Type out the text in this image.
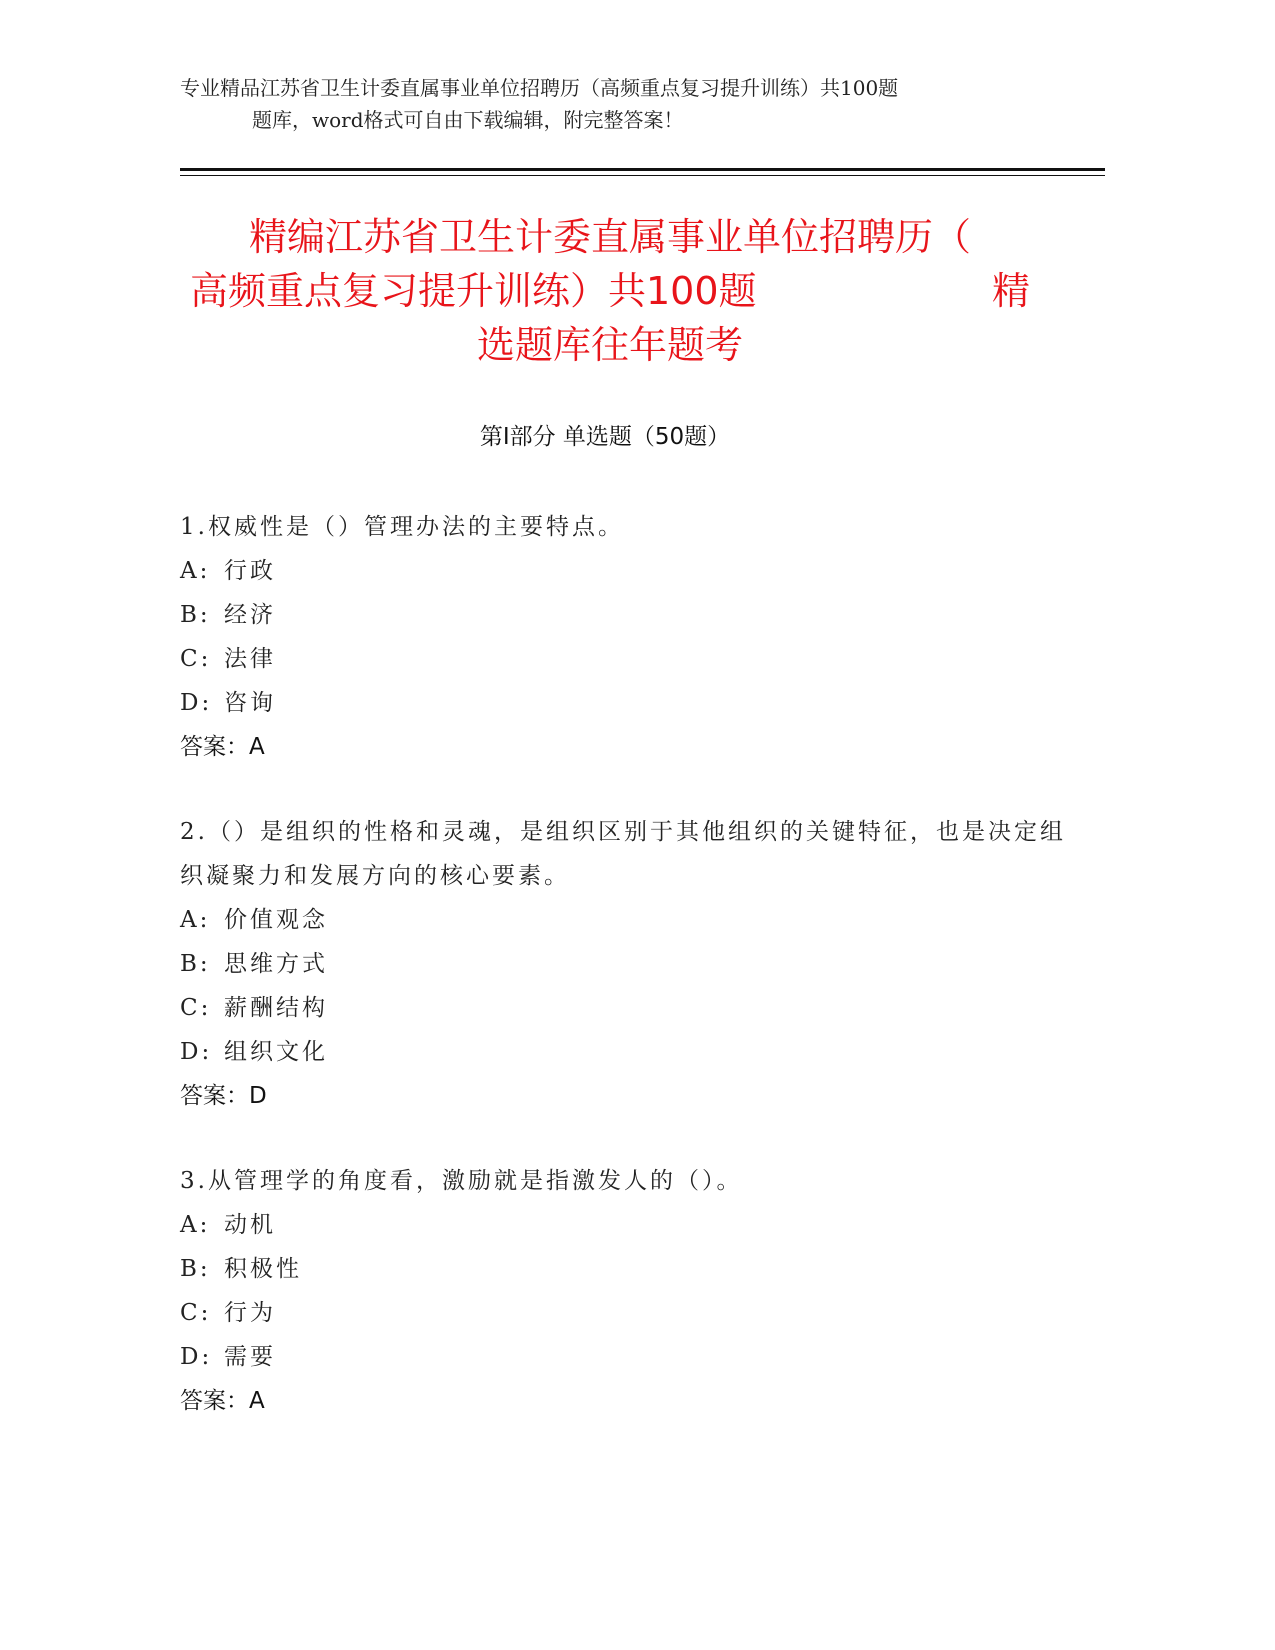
专业精品江苏省卫生计委直属事业单位招聘历（高频重点复习提升训练）共100题
题库，word格式可自由下载编辑，附完整答案！
精编江苏省卫生计委直属事业单位招聘历（
高频重点复习提升训练）共100题	精
选题库往年题考
第Ⅰ部分 单选题（50题）
1.权威性是（）管理办法的主要特点。
A: 行政
B: 经济
C: 法律
D: 咨询
答案：A
2.（）是组织的性格和灵魂，是组织区别于其他组织的关键特征，也是决定组织凝聚力和发展方向的核心要素。
A: 价值观念
B: 思维方式
C: 薪酬结构
D: 组织文化
答案：D
3.从管理学的角度看，激励就是指激发人的（）。
A: 动机
B: 积极性
C: 行为
D: 需要
答案：A
